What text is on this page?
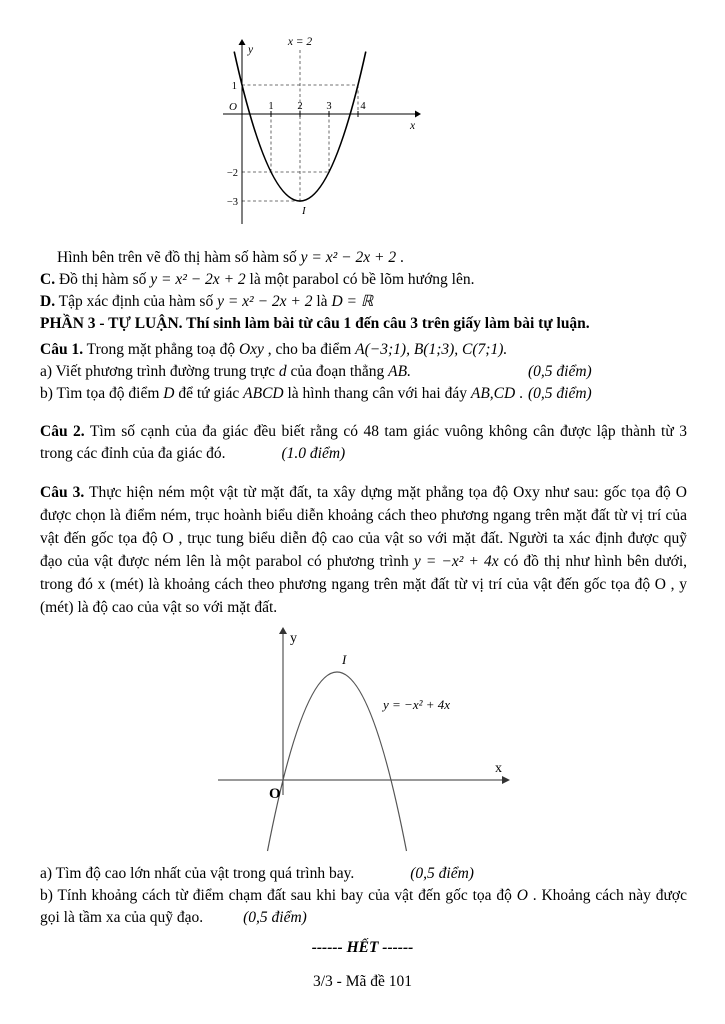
x = 2
y
x
O	1 2 3	4
1
−2
−3
I

Hình bên trên vẽ đồ thị hàm số hàm số y = x² − 2x + 2 .

C. Đồ thị hàm số y = x² − 2x + 2 là một parabol có bề lõm hướng lên.

D. Tập xác định của hàm số y = x² − 2x + 2 là D = ℝ

PHẦN 3 - TỰ LUẬN. Thí sinh làm bài từ câu 1 đến câu 3 trên giấy làm bài tự luận.

Câu 1. Trong mặt phẳng toạ độ Oxy , cho ba điểm A(−3;1), B(1;3), C(7;1).

a) Viết phương trình đường trung trực d của đoạn thẳng AB.	(0,5 điểm)

b) Tìm tọa độ điểm D để tứ giác ABCD là hình thang cân với hai đáy AB,CD . (0,5 điểm)

Câu 2. Tìm số cạnh của đa giác đều biết rằng có 48 tam giác vuông không cân được lập thành từ 3 trong các đỉnh của đa giác đó.	(1.0 điểm)

Câu 3. Thực hiện ném một vật từ mặt đất, ta xây dựng mặt phẳng tọa độ Oxy như sau: gốc tọa độ O được chọn là điểm ném, trục hoành biểu diễn khoảng cách theo phương ngang trên mặt đất từ vị trí của vật đến gốc tọa độ O , trục tung biểu diễn độ cao của vật so với mặt đất. Người ta xác định được quỹ đạo của vật được ném lên là một parabol có phương trình y = −x² + 4x có đồ thị như hình bên dưới, trong đó x (mét) là khoảng cách theo phương ngang trên mặt đất từ vị trí của vật đến gốc tọa độ O , y (mét) là độ cao của vật so với mặt đất.

y
x
O
I
y = −x² + 4x

a) Tìm độ cao lớn nhất của vật trong quá trình bay.	(0,5 điểm)

b) Tính khoảng cách từ điểm chạm đất sau khi bay của vật đến gốc tọa độ O . Khoảng cách này được gọi là tầm xa của quỹ đạo.	(0,5 điểm)

------ HẾT ------

3/3 - Mã đề 101
